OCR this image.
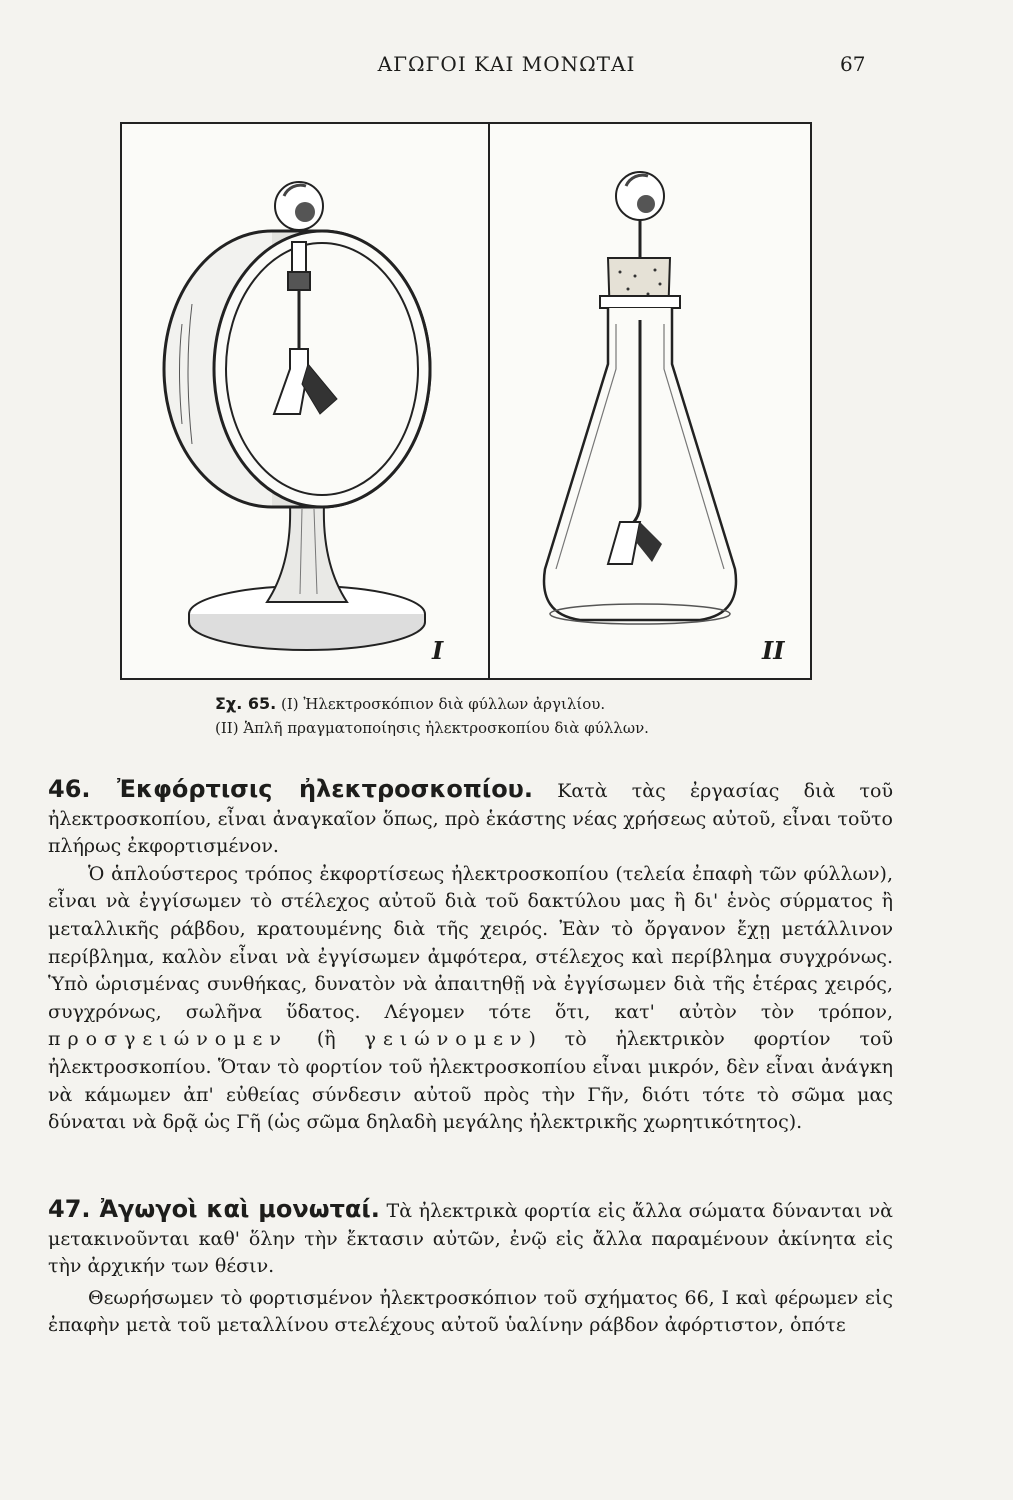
ΑΓΩΓΟΙ ΚΑΙ ΜΟΝΩΤΑΙ	67
I	II
Σχ. 65. (I) Ἠλεκτροσκόπιον διὰ φύλλων ἀργιλίου.
(II) Ἁπλῆ πραγματοποίησις ἠλεκτροσκοπίου διὰ φύλλων.

46. Ἐκφόρτισις ἠλεκτροσκοπίου. Κατὰ τὰς ἐργασίας διὰ τοῦ ἠλεκτροσκοπίου, εἶναι ἀναγκαῖον ὅπως, πρὸ ἑκάστης νέας χρήσεως αὐτοῦ, εἶναι τοῦτο πλήρως ἐκφορτισμένον.

Ὁ ἁπλούστερος τρόπος ἐκφορτίσεως ἠλεκτροσκοπίου (τελεία ἐπαφὴ τῶν φύλλων), εἶναι νὰ ἐγγίσωμεν τὸ στέλεχος αὐτοῦ διὰ τοῦ δακτύλου μας ἢ δι' ἑνὸς σύρματος ἢ μεταλλικῆς ράβδου, κρατουμένης διὰ τῆς χειρός. Ἐὰν τὸ ὄργανον ἔχῃ μετάλλινον περίβλημα, καλὸν εἶναι νὰ ἐγγίσωμεν ἀμφότερα, στέλεχος καὶ περίβλημα συγχρόνως. Ὑπὸ ὡρισμένας συνθήκας, δυνατὸν νὰ ἀπαιτηθῇ νὰ ἐγγίσωμεν διὰ τῆς ἑτέρας χειρός, συγχρόνως, σωλῆνα ὕδατος. Λέγομεν τότε ὅτι, κατ' αὐτὸν τὸν τρόπον, προσγειώνομεν (ἢ γειώνομεν) τὸ ἠλεκτρικὸν φορτίον τοῦ ἠλεκτροσκοπίου. Ὅταν τὸ φορτίον τοῦ ἠλεκτροσκοπίου εἶναι μικρόν, δὲν εἶναι ἀνάγκη νὰ κάμωμεν ἀπ' εὐθείας σύνδεσιν αὐτοῦ πρὸς τὴν Γῆν, διότι τότε τὸ σῶμα μας δύναται νὰ δρᾷ ὡς Γῆ (ὡς σῶμα δηλαδὴ μεγάλης ἠλεκτρικῆς χωρητικότητος).

47. Ἀγωγοὶ καὶ μονωταί. Τὰ ἠλεκτρικὰ φορτία εἰς ἄλλα σώματα δύνανται νὰ μετακινοῦνται καθ' ὅλην τὴν ἔκτασιν αὐτῶν, ἐνῷ εἰς ἄλλα παραμένουν ἀκίνητα εἰς τὴν ἀρχικήν των θέσιν.

Θεωρήσωμεν τὸ φορτισμένον ἠλεκτροσκόπιον τοῦ σχήματος 66, I καὶ φέρωμεν εἰς ἐπαφὴν μετὰ τοῦ μεταλλίνου στελέχους αὐτοῦ ὑαλίνην ράβδον ἀφόρτιστον, ὁπότε
